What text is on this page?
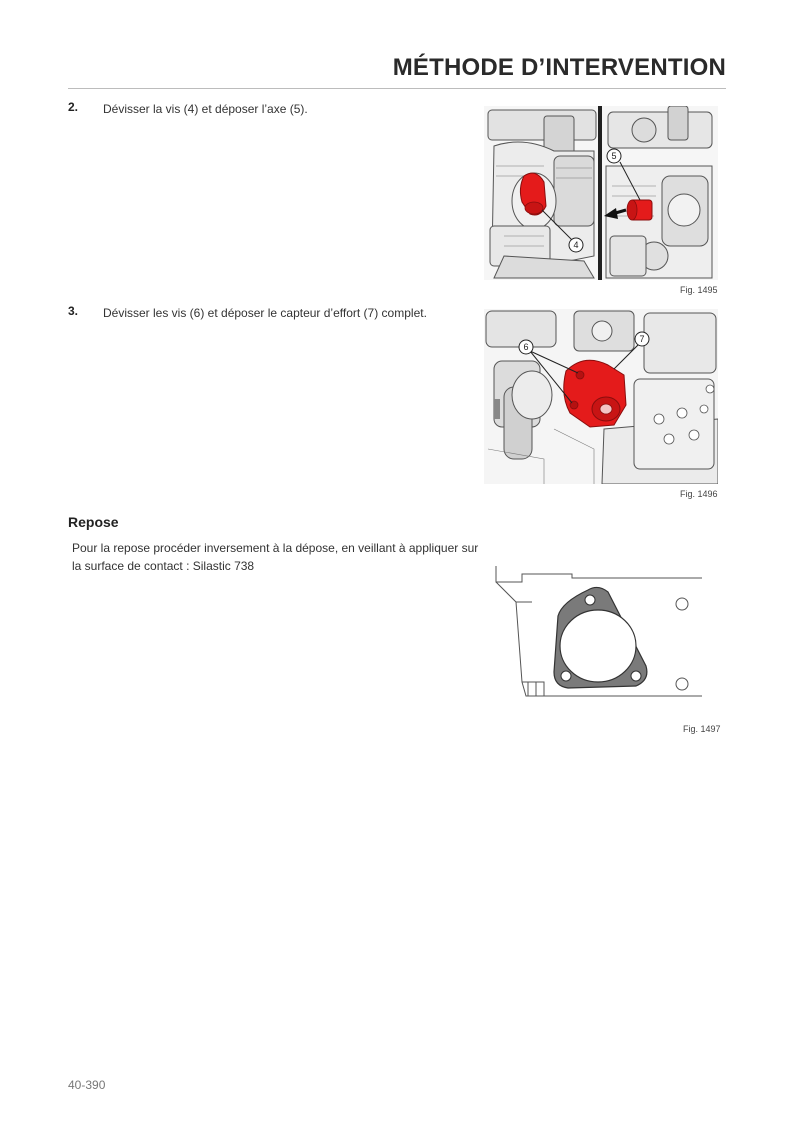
MÉTHODE D’INTERVENTION
2. Dévisser la vis (4) et déposer l’axe (5).
4
5
Fig. 1495
3. Dévisser les vis (6) et déposer le capteur d’effort (7) complet.
6
7
Fig. 1496
Repose
Pour la repose procéder inversement à la dépose, en veillant à appliquer sur la surface de contact : Silastic 738
Fig. 1497
40-390
